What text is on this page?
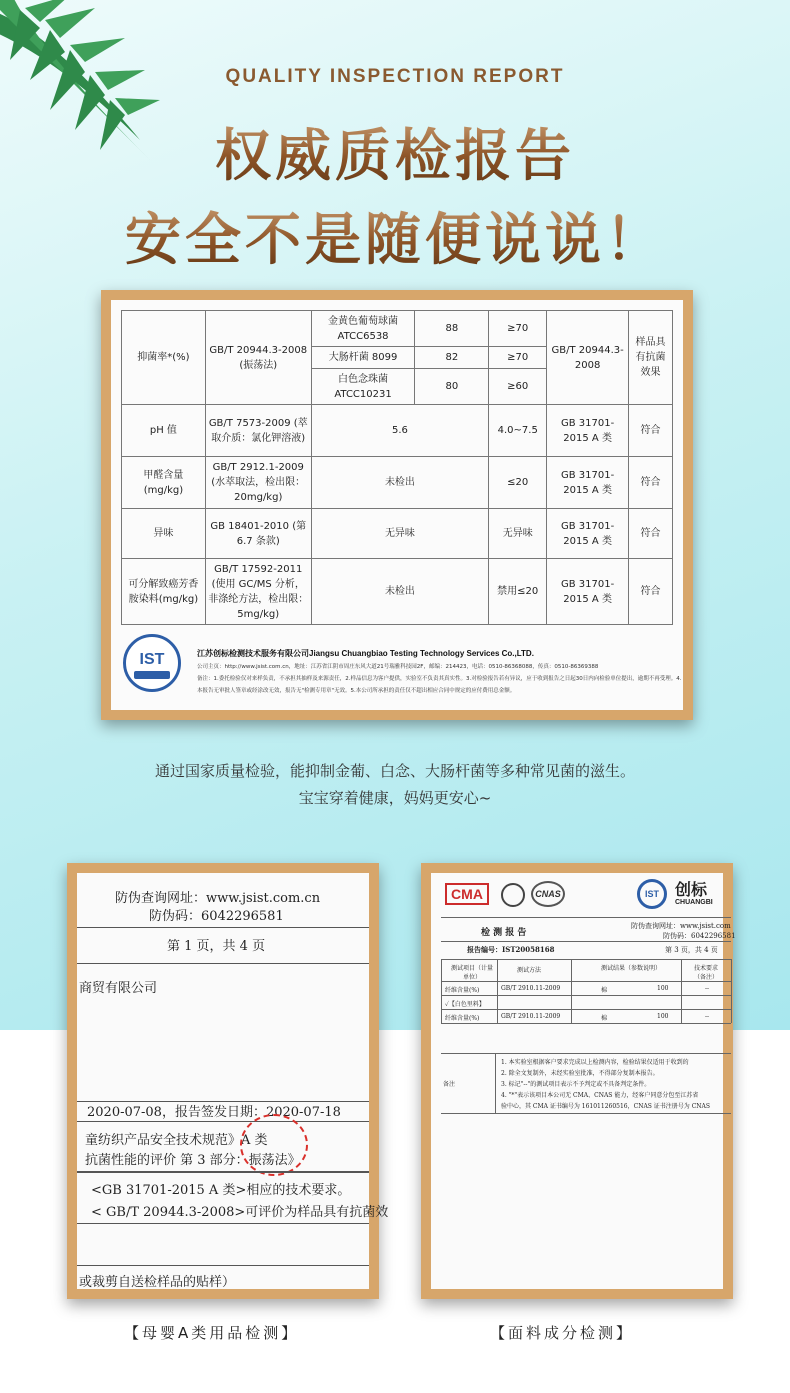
QUALITY INSPECTION REPORT
权威质检报告
安全不是随便说说！
抑菌率*(%)	GB/T 20944.3-2008 (振荡法)	金黄色葡萄球菌 ATCC6538	88	≥70	GB/T 20944.3-2008	样品具有抗菌效果
		大肠杆菌 8099	82	≥70		
		白色念珠菌 ATCC10231	80	≥60		
pH 值	GB/T 7573-2009 (萃取介质：氯化钾溶液)	5.6		4.0~7.5	GB 31701-2015 A 类	符合
甲醛含量 (mg/kg)	GB/T 2912.1-2009 (水萃取法，检出限：20mg/kg)	未检出		≤20	GB 31701-2015 A 类	符合
异味	GB 18401-2010 (第 6.7 条款)	无异味		无异味	GB 31701-2015 A 类	符合
可分解致癌芳香胺染料(mg/kg)	GB/T 17592-2011 (使用 GC/MS 分析，非涤纶方法，检出限：5mg/kg)	未检出		禁用≤20	GB 31701-2015 A 类	符合
IST	江苏创标检测技术服务有限公司Jiangsu Chuangbiao Testing Technology Services Co.,LTD.
公司主页：http://www.jsist.com.cn，地址：江苏省江阴市周庄东风大道21号瑞雅科技园2F，邮编：214423，电话：0510-86368088，传真：0510-86369388
备注：1.委托检验仅对来样负责，不承担其抽样及来源责任，2.样品信息为客户提供，实验室不负责其真实性。3.对检验报告若有异议，应于收到报告之日起30日内向检验单位提出，逾期不再受理。4.
本报告无审批人签章或经涂改无效，报告无"检测专用章"无效。5.本公司所承担的责任仅不超出相应合同中规定的应付费用总金额。
通过国家质量检验，能抑制金葡、白念、大肠杆菌等多种常见菌的滋生。
宝宝穿着健康，妈妈更安心~
防伪查询网址：www.jsist.com.cn
防伪码：6042296581
第 1 页，共 4 页
商贸有限公司
2020-07-08，报告签发日期：2020-07-18
童纺织产品安全技术规范》A 类
抗菌性能的评价 第 3 部分：振荡法》
<GB 31701-2015 A 类>相应的技术要求。
< GB/T 20944.3-2008>可评价为样品具有抗菌效
或裁剪自送检样品的贴样）
CMA	CNAS	IST	创标
CHUANGBI
检 测 报 告
防伪查询网址：www.jsist.com
防伪码：6042296581
报告编号：IST20058168	第 3 页，共 4 页
测试项目（计量单位）
测试方法	测试结果（参数说明）	技术要求（备注）
纤维含量(%)	GB/T 2910.11-2009	棉	100	--
✓【白色里料】
纤维含量(%)	GB/T 2910.11-2009	棉	100	--
备注
1. 本实验室根据客户要求完成以上检测内容，检验结果仅适用于收到的
2. 除全文复制外，未经实验室批准，不得部分复制本报告。
3. 标记"--"的测试项目表示不予判定或不具备判定条件。
4. "*"表示该项目本公司无 CMA、CNAS 能力，经客户同意分包至江苏省
验中心，其 CMA 证书编号为 161011260516，CNAS 证书注册号为 CNAS
【母婴A类用品检测】	【面料成分检测】
